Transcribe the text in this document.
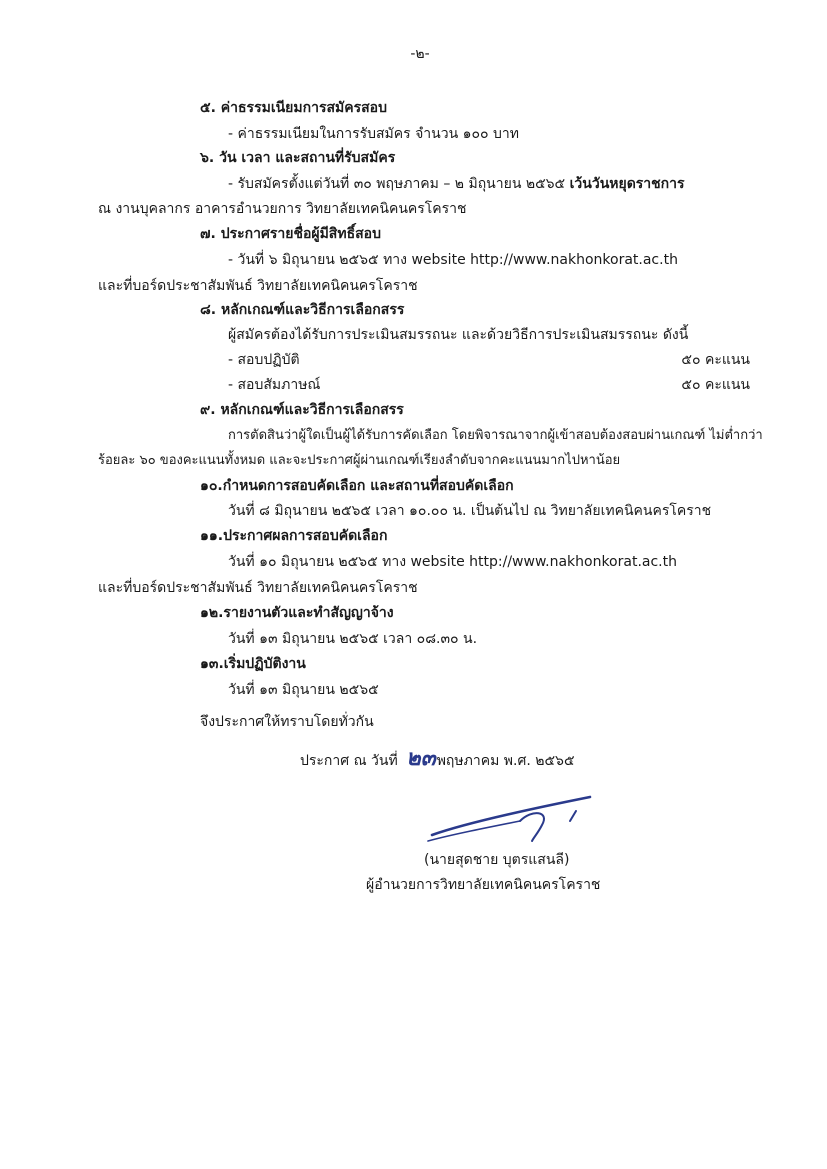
-๒-
๕. ค่าธรรมเนียมการสมัครสอบ
- ค่าธรรมเนียมในการรับสมัคร จำนวน ๑๐๐ บาท
๖. วัน เวลา และสถานที่รับสมัคร
- รับสมัครตั้งแต่วันที่ ๓๐ พฤษภาคม – ๒ มิถุนายน ๒๕๖๕ เว้นวันหยุดราชการ
ณ งานบุคลากร อาคารอำนวยการ วิทยาลัยเทคนิคนครโคราช
๗. ประกาศรายชื่อผู้มีสิทธิ์สอบ
- วันที่ ๖ มิถุนายน ๒๕๖๕ ทาง website http://www.nakhonkorat.ac.th
และที่บอร์ดประชาสัมพันธ์ วิทยาลัยเทคนิคนครโคราช
๘. หลักเกณฑ์และวิธีการเลือกสรร
ผู้สมัครต้องได้รับการประเมินสมรรถนะ และด้วยวิธีการประเมินสมรรถนะ ดังนี้
- สอบปฏิบัติ	๕๐ คะแนน
- สอบสัมภาษณ์	๕๐ คะแนน
๙. หลักเกณฑ์และวิธีการเลือกสรร
การตัดสินว่าผู้ใดเป็นผู้ได้รับการคัดเลือก โดยพิจารณาจากผู้เข้าสอบต้องสอบผ่านเกณฑ์ ไม่ต่ำกว่า
ร้อยละ ๖๐ ของคะแนนทั้งหมด และจะประกาศผู้ผ่านเกณฑ์เรียงลำดับจากคะแนนมากไปหาน้อย
๑๐.กำหนดการสอบคัดเลือก และสถานที่สอบคัดเลือก
วันที่ ๘ มิถุนายน ๒๕๖๕ เวลา ๑๐.๐๐ น. เป็นต้นไป ณ วิทยาลัยเทคนิคนครโคราช
๑๑.ประกาศผลการสอบคัดเลือก
วันที่ ๑๐ มิถุนายน ๒๕๖๕ ทาง website http://www.nakhonkorat.ac.th
และที่บอร์ดประชาสัมพันธ์ วิทยาลัยเทคนิคนครโคราช
๑๒.รายงานตัวและทำสัญญาจ้าง
วันที่ ๑๓ มิถุนายน ๒๕๖๕ เวลา ๐๘.๓๐ น.
๑๓.เริ่มปฏิบัติงาน
วันที่ ๑๓ มิถุนายน ๒๕๖๕
จึงประกาศให้ทราบโดยทั่วกัน
ประกาศ ณ วันที่ ๒๓พฤษภาคม พ.ศ. ๒๕๖๕
(นายสุดชาย บุตรแสนลี)
ผู้อำนวยการวิทยาลัยเทคนิคนครโคราช
